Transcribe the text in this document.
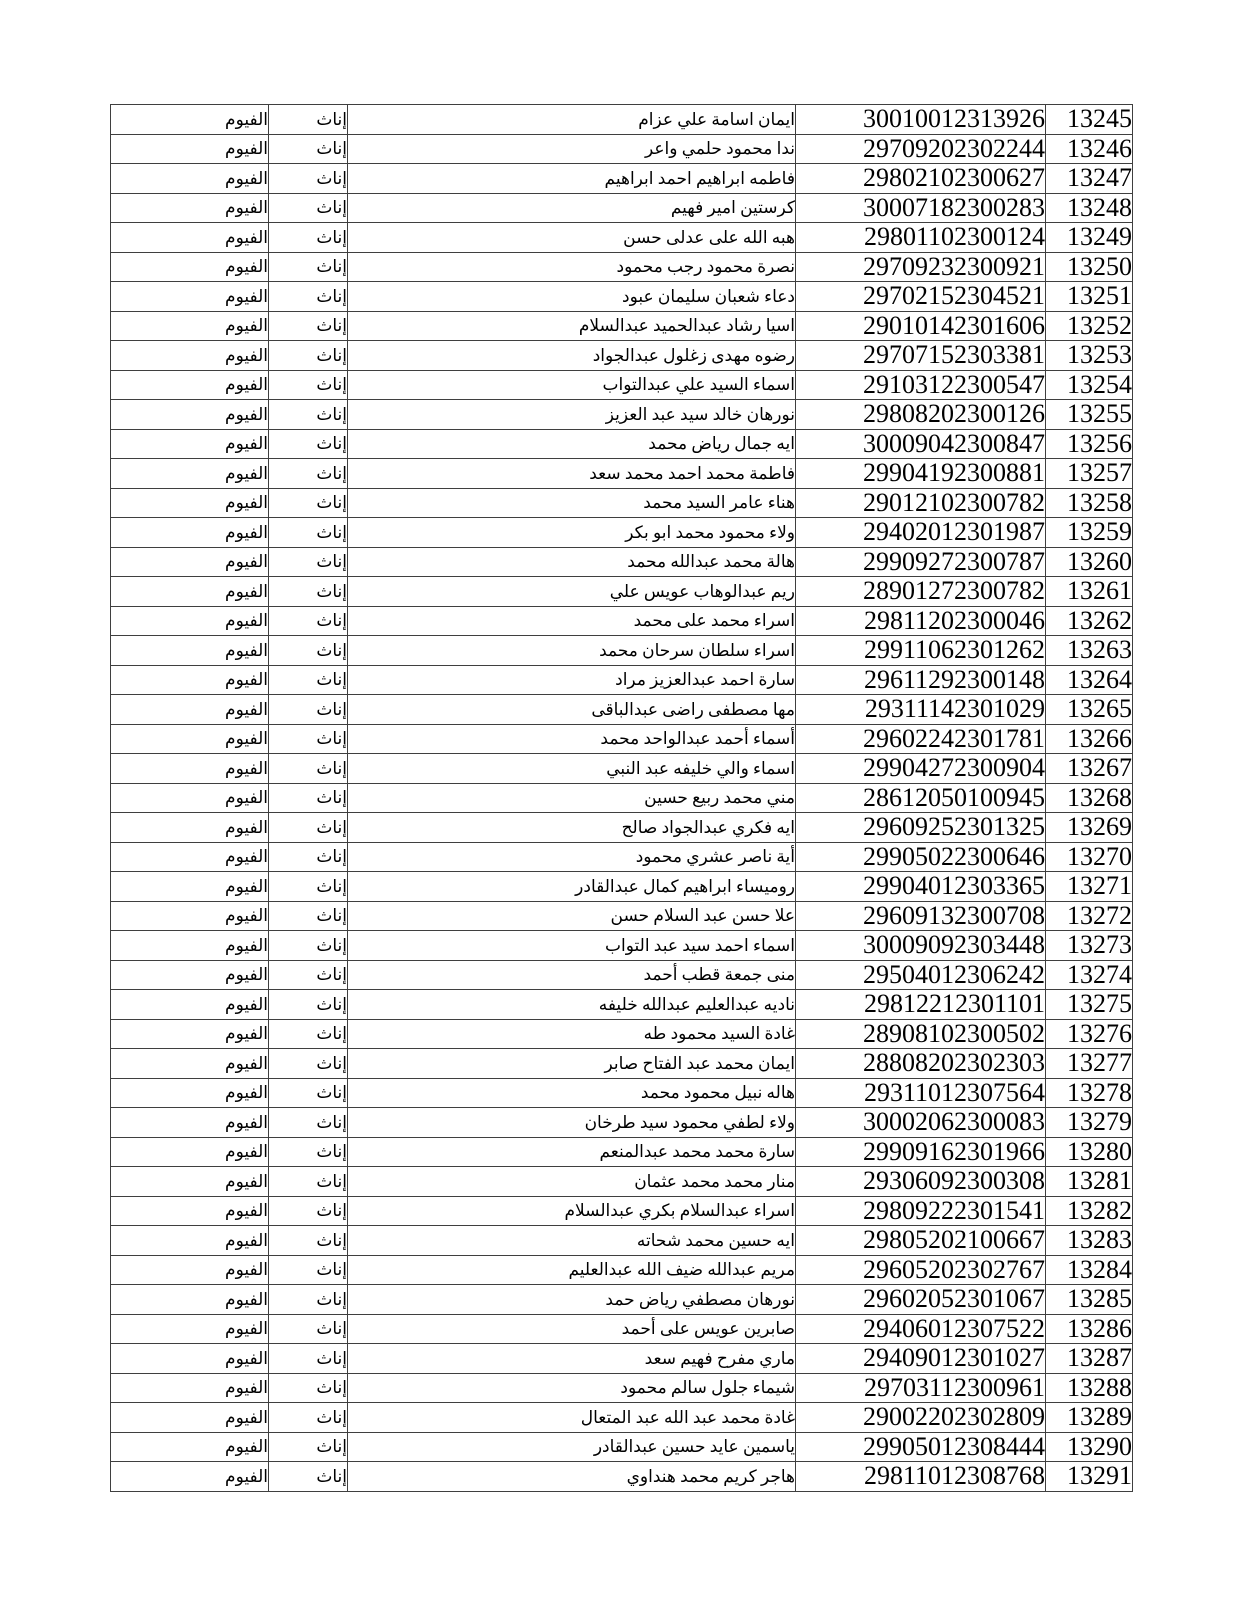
13245	30010012313926	ايمان اسامة علي عزام	إناث	الفيوم
13246	29709202302244	ندا محمود حلمي واعر	إناث	الفيوم
13247	29802102300627	فاطمه ابراهيم احمد ابراهيم	إناث	الفيوم
13248	30007182300283	كرستين امير فهيم	إناث	الفيوم
13249	29801102300124	هبه الله على عدلى حسن	إناث	الفيوم
13250	29709232300921	نصرة محمود رجب محمود	إناث	الفيوم
13251	29702152304521	دعاء شعبان سليمان عبود	إناث	الفيوم
13252	29010142301606	اسيا رشاد عبدالحميد عبدالسلام	إناث	الفيوم
13253	29707152303381	رضوه مهدى زغلول عبدالجواد	إناث	الفيوم
13254	29103122300547	اسماء السيد علي عبدالتواب	إناث	الفيوم
13255	29808202300126	نورهان خالد سيد عبد العزيز	إناث	الفيوم
13256	30009042300847	ايه جمال رياض محمد	إناث	الفيوم
13257	29904192300881	فاطمة محمد احمد محمد سعد	إناث	الفيوم
13258	29012102300782	هناء عامر السيد محمد	إناث	الفيوم
13259	29402012301987	ولاء محمود محمد ابو بكر	إناث	الفيوم
13260	29909272300787	هالة محمد عبدالله محمد	إناث	الفيوم
13261	28901272300782	ريم عبدالوهاب عويس علي	إناث	الفيوم
13262	29811202300046	اسراء محمد على محمد	إناث	الفيوم
13263	29911062301262	اسراء سلطان سرحان محمد	إناث	الفيوم
13264	29611292300148	سارة احمد عبدالعزيز مراد	إناث	الفيوم
13265	29311142301029	مها مصطفى راضى عبدالباقى	إناث	الفيوم
13266	29602242301781	أسماء أحمد عبدالواحد محمد	إناث	الفيوم
13267	29904272300904	اسماء والي خليفه عبد النبي	إناث	الفيوم
13268	28612050100945	مني محمد ربيع حسين	إناث	الفيوم
13269	29609252301325	ايه فكري عبدالجواد صالح	إناث	الفيوم
13270	29905022300646	أية ناصر عشري محمود	إناث	الفيوم
13271	29904012303365	روميساء ابراهيم كمال عبدالقادر	إناث	الفيوم
13272	29609132300708	علا حسن عبد السلام حسن	إناث	الفيوم
13273	30009092303448	اسماء احمد سيد عبد التواب	إناث	الفيوم
13274	29504012306242	منى جمعة قطب أحمد	إناث	الفيوم
13275	29812212301101	ناديه عبدالعليم عبدالله خليفه	إناث	الفيوم
13276	28908102300502	غادة السيد محمود طه	إناث	الفيوم
13277	28808202302303	ايمان محمد عبد الفتاح صابر	إناث	الفيوم
13278	29311012307564	هاله نبيل محمود محمد	إناث	الفيوم
13279	30002062300083	ولاء لطفي محمود سيد طرخان	إناث	الفيوم
13280	29909162301966	سارة محمد محمد عبدالمنعم	إناث	الفيوم
13281	29306092300308	منار محمد محمد عثمان	إناث	الفيوم
13282	29809222301541	اسراء عبدالسلام بكري عبدالسلام	إناث	الفيوم
13283	29805202100667	ايه حسين محمد شحاته	إناث	الفيوم
13284	29605202302767	مريم عبدالله ضيف الله عبدالعليم	إناث	الفيوم
13285	29602052301067	نورهان مصطفي رياض حمد	إناث	الفيوم
13286	29406012307522	صابرين عويس على أحمد	إناث	الفيوم
13287	29409012301027	ماري مفرح فهيم سعد	إناث	الفيوم
13288	29703112300961	شيماء جلول سالم محمود	إناث	الفيوم
13289	29002202302809	غادة محمد عبد الله عبد المتعال	إناث	الفيوم
13290	29905012308444	ياسمين عايد حسين عبدالقادر	إناث	الفيوم
13291	29811012308768	هاجر كريم محمد هنداوي	إناث	الفيوم
